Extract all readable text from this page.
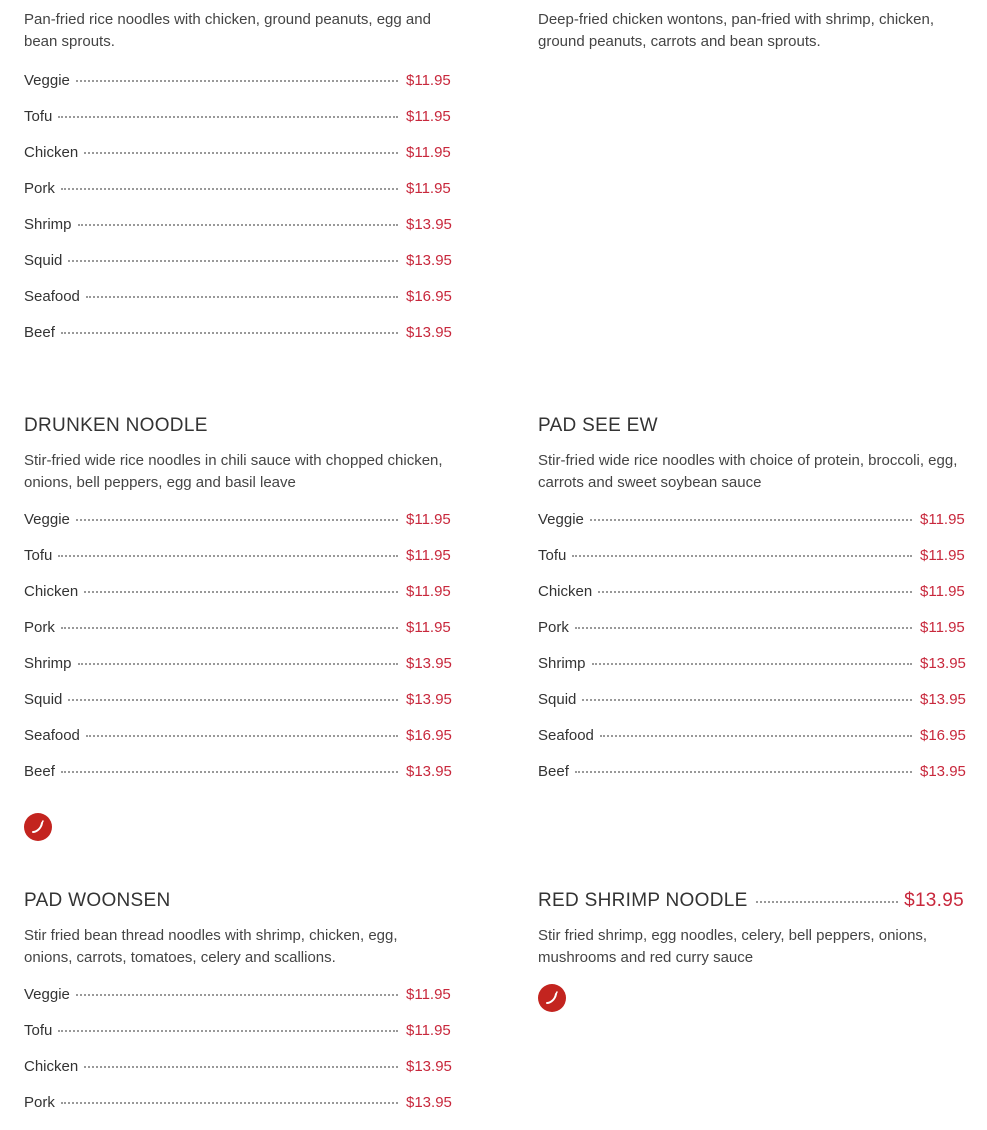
Pan-fried rice noodles with chicken, ground peanuts, egg and bean sprouts.

Veggie	$11.95
Tofu	$11.95
Chicken	$11.95
Pork	$11.95
Shrimp	$13.95
Squid	$13.95
Seafood	$16.95
Beef	$13.95

Deep-fried chicken wontons, pan-fried with shrimp, chicken, ground peanuts, carrots and bean sprouts.

DRUNKEN NOODLE

Stir-fried wide rice noodles in chili sauce with chopped chicken, onions, bell peppers, egg and basil leave

Veggie	$11.95
Tofu	$11.95
Chicken	$11.95
Pork	$11.95
Shrimp	$13.95
Squid	$13.95
Seafood	$16.95
Beef	$13.95
PAD SEE EW

Stir-fried wide rice noodles with choice of protein, broccoli, egg, carrots and sweet soybean sauce

Veggie	$11.95
Tofu	$11.95
Chicken	$11.95
Pork	$11.95
Shrimp	$13.95
Squid	$13.95
Seafood	$16.95
Beef	$13.95
PAD WOONSEN

Stir fried bean thread noodles with shrimp, chicken, egg, onions, carrots, tomatoes, celery and scallions.

Veggie	$11.95
Tofu	$11.95
Chicken	$13.95
Pork	$13.95
RED SHRIMP NOODLE	$13.95

Stir fried shrimp, egg noodles, celery, bell peppers, onions, mushrooms and red curry sauce
